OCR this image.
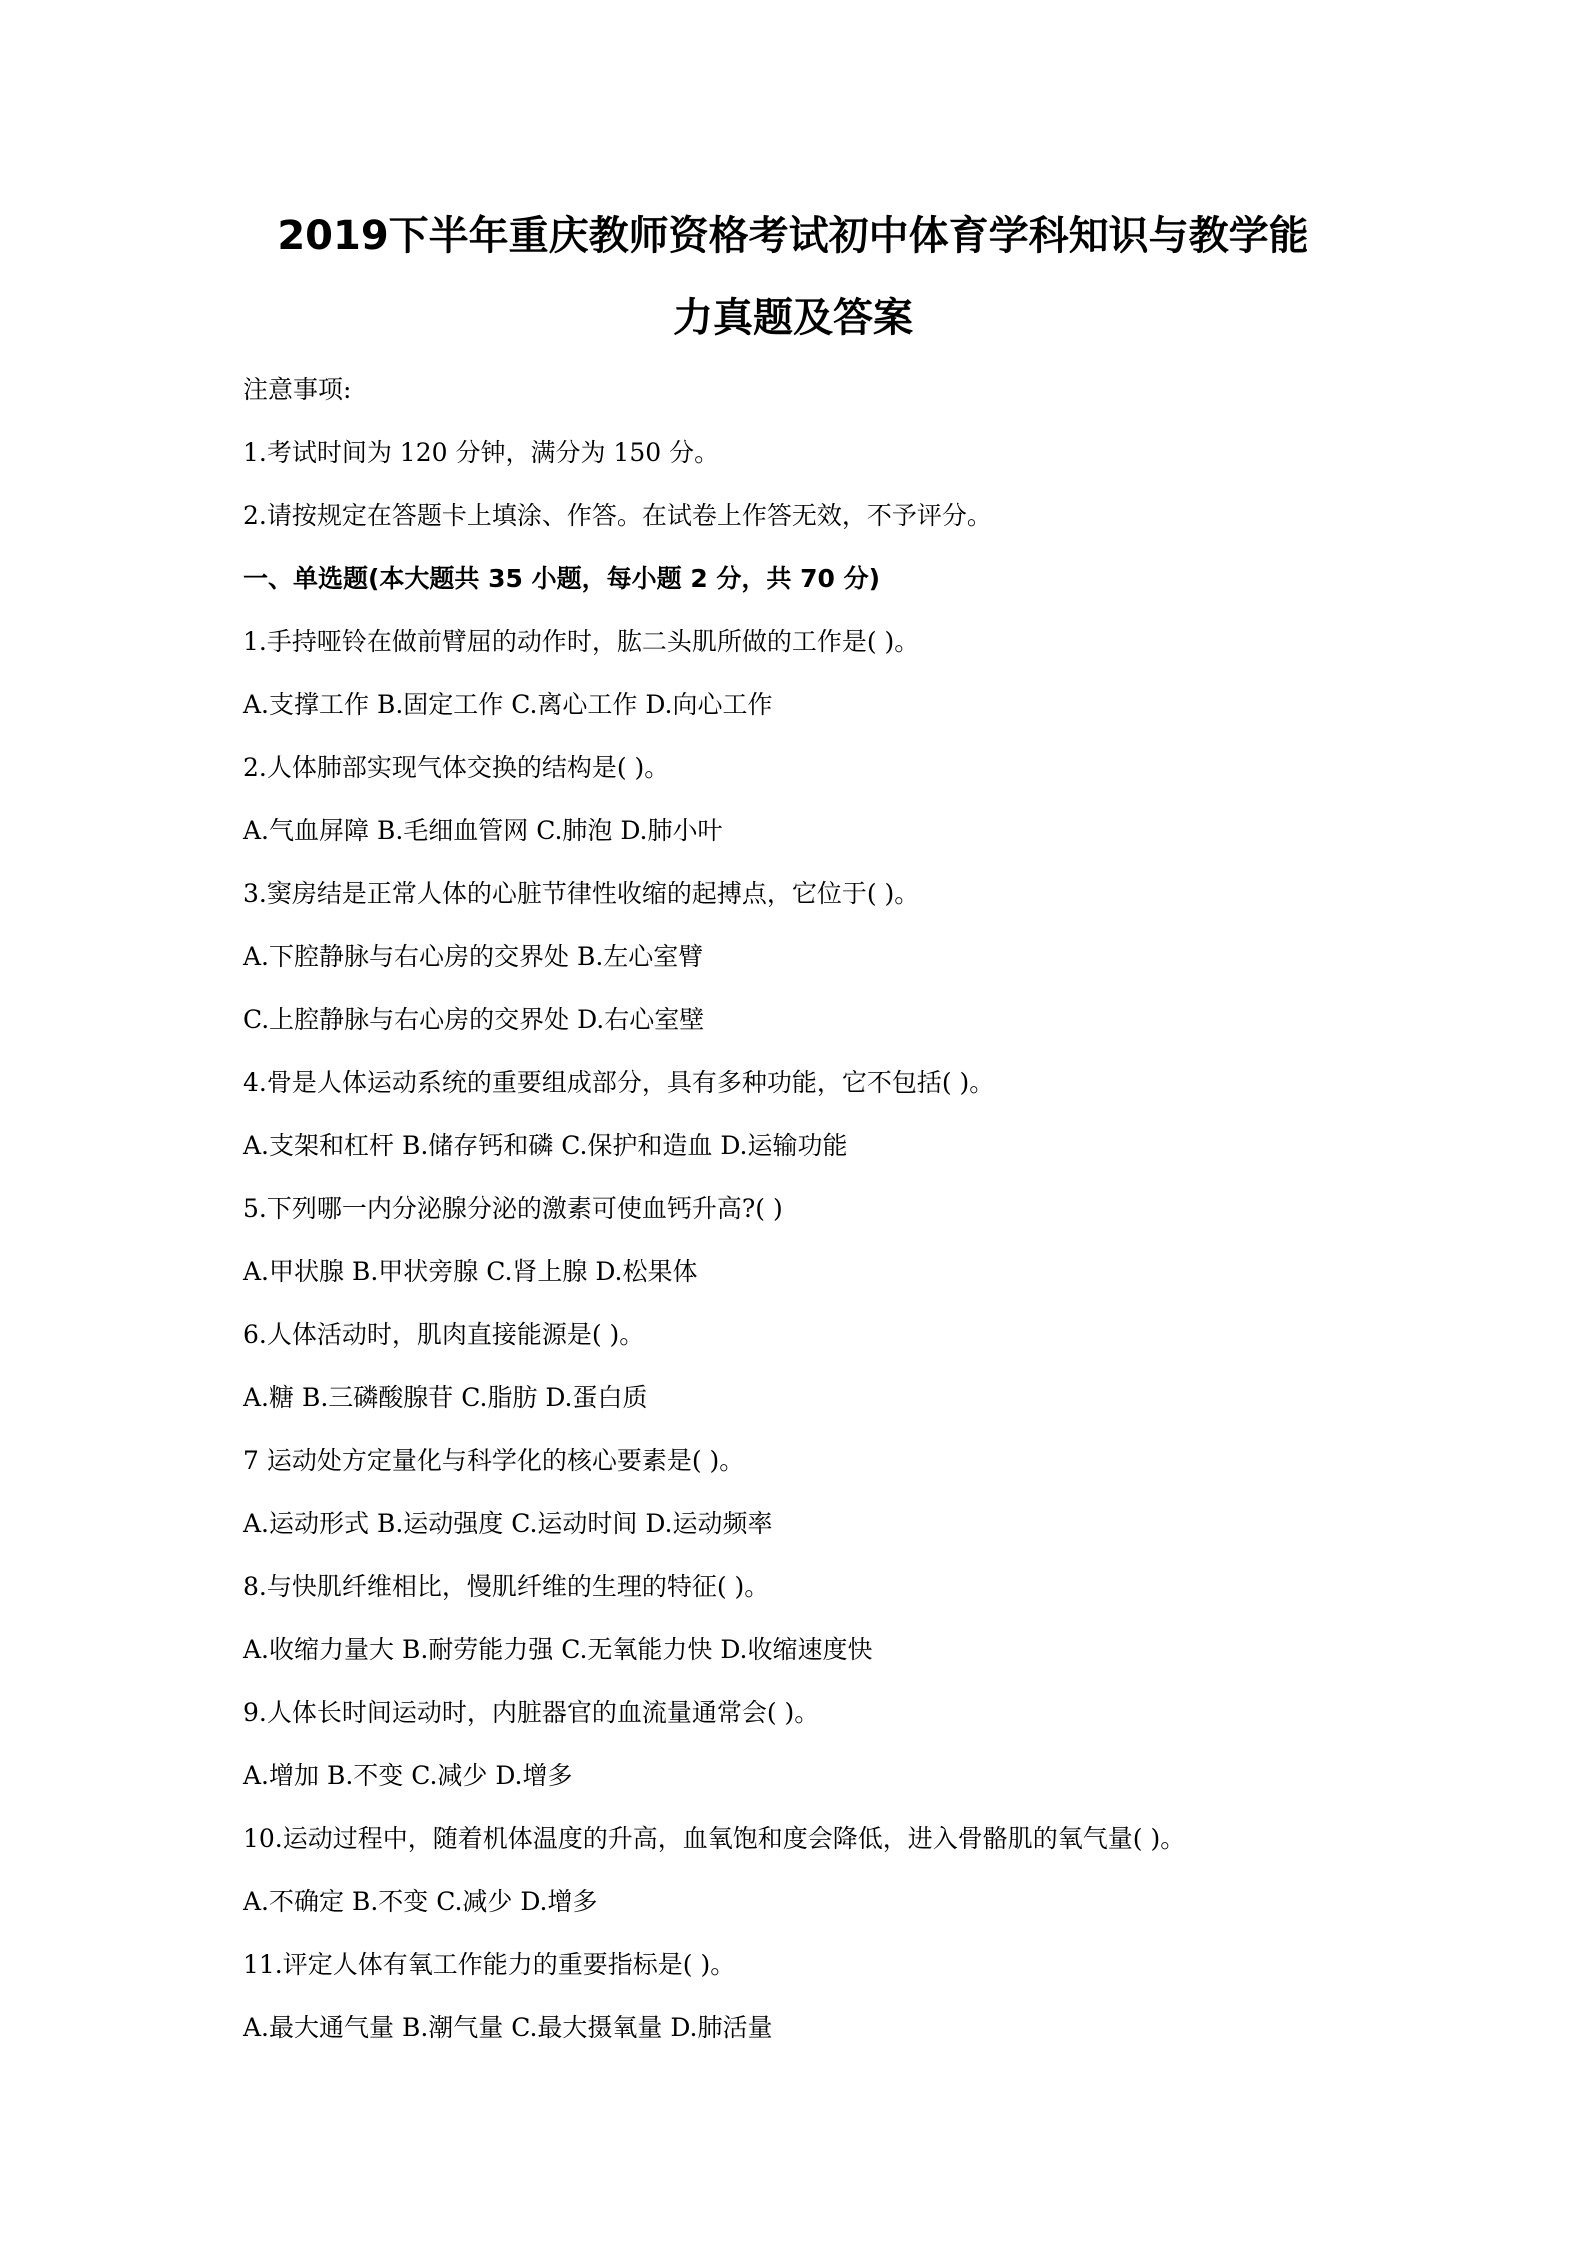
2019下半年重庆教师资格考试初中体育学科知识与教学能
力真题及答案
注意事项:
1.考试时间为 120 分钟，满分为 150 分。
2.请按规定在答题卡上填涂、作答。在试卷上作答无效，不予评分。
一、单选题(本大题共 35 小题，每小题 2 分，共 70 分)
1.手持哑铃在做前臂屈的动作时，肱二头肌所做的工作是( )。
A.支撑工作 B.固定工作 C.离心工作 D.向心工作
2.人体肺部实现气体交换的结构是( )。
A.气血屏障 B.毛细血管网 C.肺泡 D.肺小叶
3.窦房结是正常人体的心脏节律性收缩的起搏点，它位于( )。
A.下腔静脉与右心房的交界处 B.左心室臂
C.上腔静脉与右心房的交界处 D.右心室壁
4.骨是人体运动系统的重要组成部分，具有多种功能，它不包括( )。
A.支架和杠杆 B.储存钙和磷 C.保护和造血 D.运输功能
5.下列哪一内分泌腺分泌的激素可使血钙升高?( )
A.甲状腺 B.甲状旁腺 C.肾上腺 D.松果体
6.人体活动时，肌肉直接能源是( )。
A.糖 B.三磷酸腺苷 C.脂肪 D.蛋白质
7 运动处方定量化与科学化的核心要素是( )。
A.运动形式 B.运动强度 C.运动时间 D.运动频率
8.与快肌纤维相比，慢肌纤维的生理的特征( )。
A.收缩力量大 B.耐劳能力强 C.无氧能力快 D.收缩速度快
9.人体长时间运动时，内脏器官的血流量通常会( )。
A.增加 B.不变 C.减少 D.增多
10.运动过程中，随着机体温度的升高，血氧饱和度会降低，进入骨骼肌的氧气量( )。
A.不确定 B.不变 C.减少 D.增多
11.评定人体有氧工作能力的重要指标是( )。
A.最大通气量 B.潮气量 C.最大摄氧量 D.肺活量
